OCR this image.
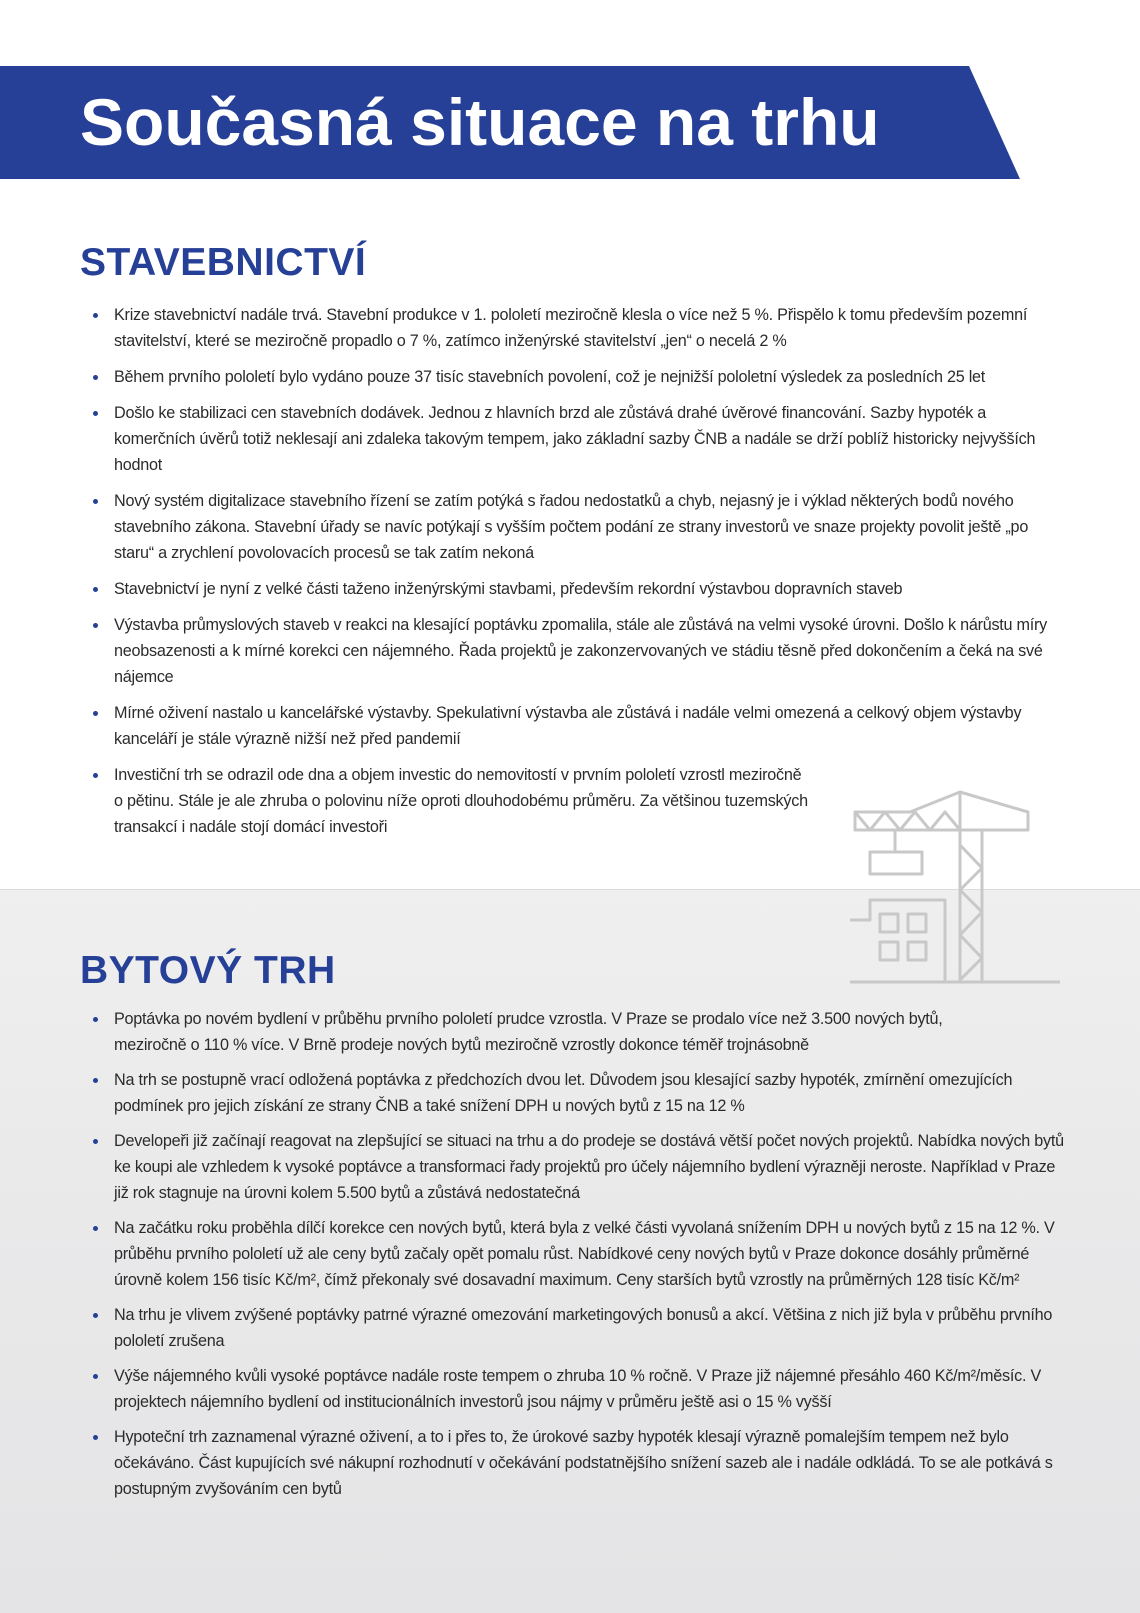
Současná situace na trhu
STAVEBNICTVÍ
Krize stavebnictví nadále trvá. Stavební produkce v 1. pololetí meziročně klesla o více než 5 %. Přispělo k tomu především pozemní stavitelství, které se meziročně propadlo o 7 %, zatímco inženýrské stavitelství „jen“ o necelá 2 %
Během prvního pololetí bylo vydáno pouze 37 tisíc stavebních povolení, což je nejnižší pololetní výsledek za posledních 25 let
Došlo ke stabilizaci cen stavebních dodávek. Jednou z hlavních brzd ale zůstává drahé úvěrové financování. Sazby hypoték a komerčních úvěrů totiž neklesají ani zdaleka takovým tempem, jako základní sazby ČNB a nadále se drží poblíž historicky nejvyšších hodnot
Nový systém digitalizace stavebního řízení se zatím potýká s řadou nedostatků a chyb, nejasný je i výklad některých bodů nového stavebního zákona. Stavební úřady se navíc potýkají s vyšším počtem podání ze strany investorů ve snaze projekty povolit ještě „po staru“ a zrychlení povolovacích procesů se tak zatím nekoná
Stavebnictví je nyní z velké části taženo inženýrskými stavbami, především rekordní výstavbou dopravních staveb
Výstavba průmyslových staveb v reakci na klesající poptávku zpomalila, stále ale zůstává na velmi vysoké úrovni. Došlo k nárůstu míry neobsazenosti a k mírné korekci cen nájemného. Řada projektů je zakonzervovaných ve stádiu těsně před dokončením a čeká na své nájemce
Mírné oživení nastalo u kancelářské výstavby. Spekulativní výstavba ale zůstává i nadále velmi omezená a celkový objem výstavby kanceláří je stále výrazně nižší než před pandemií
Investiční trh se odrazil ode dna a objem investic do nemovitostí v prvním pololetí vzrostl meziročně o pětinu. Stále je ale zhruba o polovinu níže oproti dlouhodobému průměru. Za většinou tuzemských transakcí i nadále stojí domácí investoři
BYTOVÝ TRH
Poptávka po novém bydlení v průběhu prvního pololetí prudce vzrostla. V Praze se prodalo více než 3.500 nových bytů, meziročně o 110 % více. V Brně prodeje nových bytů meziročně vzrostly dokonce téměř trojnásobně
Na trh se postupně vrací odložená poptávka z předchozích dvou let. Důvodem jsou klesající sazby hypoték, zmírnění omezujících podmínek pro jejich získání ze strany ČNB a také snížení DPH u nových bytů z 15 na 12 %
Developeři již začínají reagovat na zlepšující se situaci na trhu a do prodeje se dostává větší počet nových projektů. Nabídka nových bytů ke koupi ale vzhledem k vysoké poptávce a transformaci řady projektů pro účely nájemního bydlení výrazněji neroste. Například v Praze již rok stagnuje na úrovni kolem 5.500 bytů a zůstává nedostatečná
Na začátku roku proběhla dílčí korekce cen nových bytů, která byla z velké části vyvolaná snížením DPH u nových bytů z 15 na 12 %. V průběhu prvního pololetí už ale ceny bytů začaly opět pomalu růst. Nabídkové ceny nových bytů v Praze dokonce dosáhly průměrné úrovně kolem 156 tisíc Kč/m², čímž překonaly své dosavadní maximum. Ceny starších bytů vzrostly na průměrných 128 tisíc Kč/m²
Na trhu je vlivem zvýšené poptávky patrné výrazné omezování marketingových bonusů a akcí. Většina z nich již byla v průběhu prvního pololetí zrušena
Výše nájemného kvůli vysoké poptávce nadále roste tempem o zhruba 10 % ročně. V Praze již nájemné přesáhlo 460 Kč/m²/měsíc. V projektech nájemního bydlení od institucionálních investorů jsou nájmy v průměru ještě asi o 15 % vyšší
Hypoteční trh zaznamenal výrazné oživení, a to i přes to, že úrokové sazby hypoték klesají výrazně pomalejším tempem než bylo očekáváno. Část kupujících své nákupní rozhodnutí v očekávání podstatnějšího snížení sazeb ale i nadále odkládá. To se ale potkává s postupným zvyšováním cen bytů
